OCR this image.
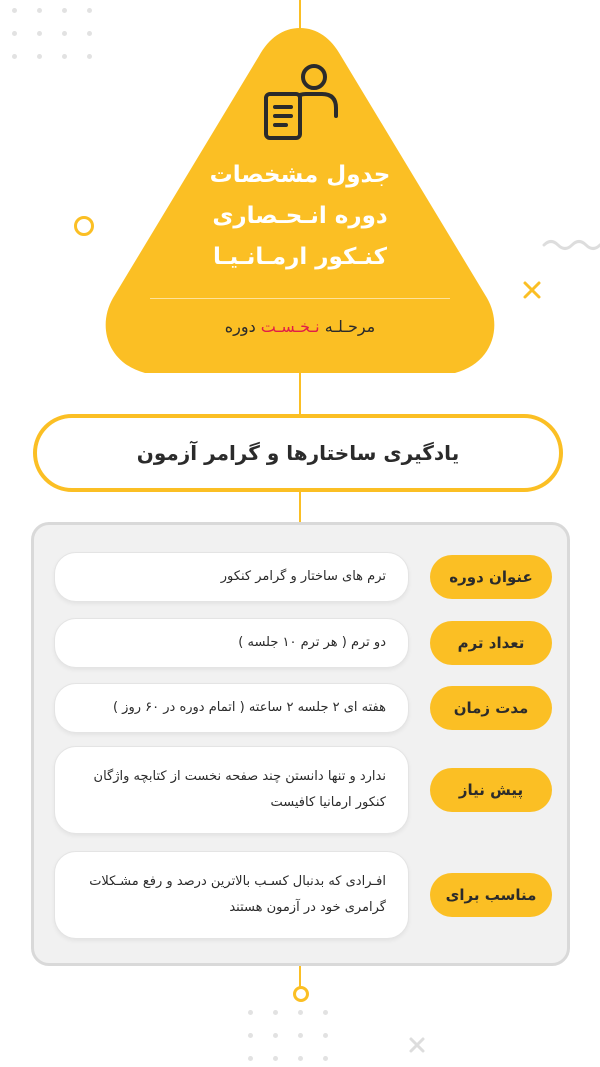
جدول مشخصات
دوره انـحـصاری
کنـکور ارمـانـیـا
مرحـلـه نـخـسـت دوره
یادگیری ساختارها و گرامر آزمون
عنوان دوره
ترم های ساختار و گرامر کنکور
تعداد ترم
دو ترم ( هر ترم ۱۰ جلسه )
مدت زمان
هفته ای ۲ جلسه ۲ ساعته ( اتمام دوره در ۶۰ روز )
پیش نیاز
ندارد و تنها دانستن چند صفحه نخست از کتابچه واژگان کنکور ارمانیا کافیست
مناسب برای
افـرادی که بدنبال کسـب بالاترین درصد و رفع مشـکلات گرامری خود در آزمون هستند
